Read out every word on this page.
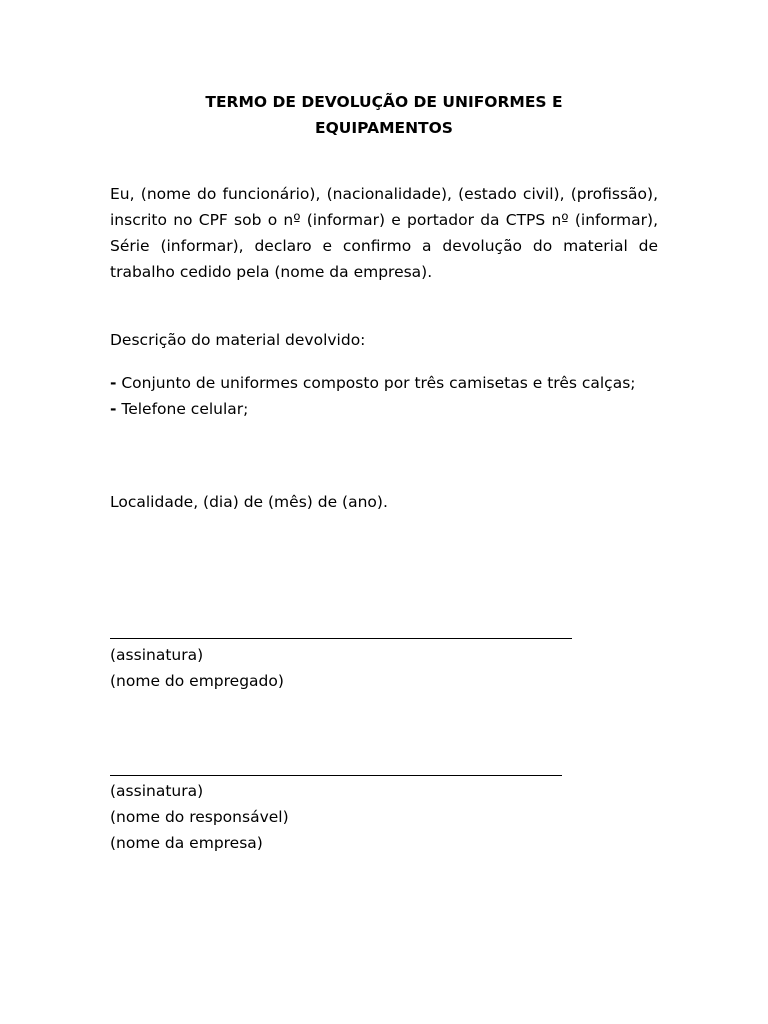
TERMO DE DEVOLUÇÃO DE UNIFORMES E
EQUIPAMENTOS

Eu, (nome do funcionário), (nacionalidade), (estado civil), (profissão), inscrito no CPF sob o nº (informar) e portador da CTPS nº (informar), Série (informar), declaro e confirmo a devolução do material de trabalho cedido pela (nome da empresa).

Descrição do material devolvido:

- Conjunto de uniformes composto por três camisetas e três calças;
- Telefone celular;

Localidade, (dia) de (mês) de (ano).

(assinatura)
(nome do empregado)
(assinatura)
(nome do responsável)
(nome da empresa)
